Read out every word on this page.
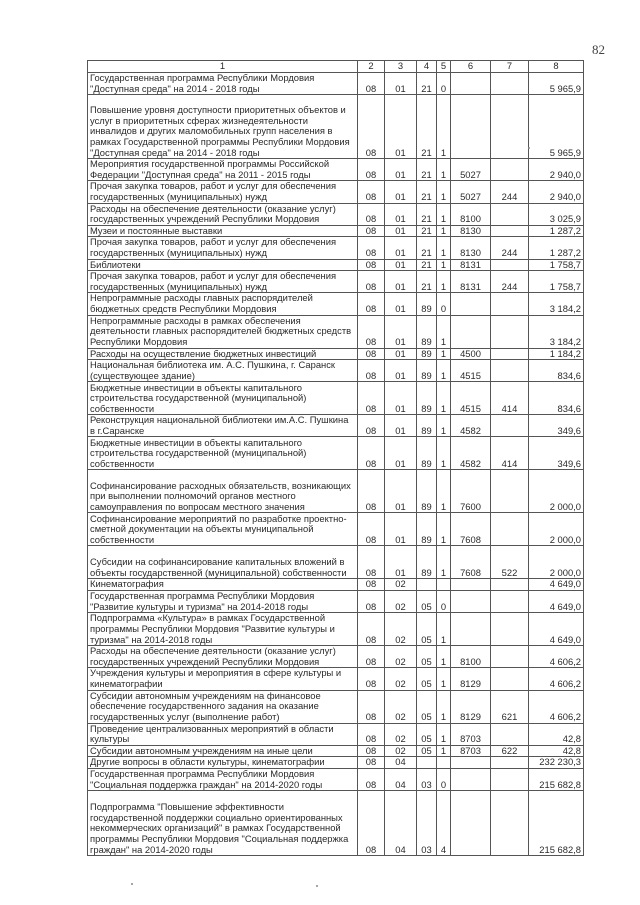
82
1	2	3	4	5	6	7	8
Государственная программа Республики Мордовия "Доступная среда" на 2014 - 2018 годы	08	01	21	0			5 965,9
Повышение уровня доступности приоритетных объектов и услуг в приоритетных сферах жизнедеятельности инвалидов и других маломобильных групп населения в рамках Государственной программы Республики Мордовия "Доступная среда" на 2014 - 2018 годы	08	01	21	1			5 965,9
Мероприятия государственной программы Российской Федерации "Доступная среда" на 2011 - 2015 годы	08	01	21	1	5027		2 940,0
Прочая закупка товаров, работ и услуг для обеспечения государственных (муниципальных) нужд	08	01	21	1	5027	244	2 940,0
Расходы на обеспечение деятельности (оказание услуг) государственных учреждений Республики Мордовия	08	01	21	1	8100		3 025,9
Музеи и постоянные выставки	08	01	21	1	8130		1 287,2
Прочая закупка товаров, работ и услуг для обеспечения государственных (муниципальных) нужд	08	01	21	1	8130	244	1 287,2
Библиотеки	08	01	21	1	8131		1 758,7
Прочая закупка товаров, работ и услуг для обеспечения государственных (муниципальных) нужд	08	01	21	1	8131	244	1 758,7
Непрограммные расходы главных распорядителей бюджетных средств Республики Мордовия	08	01	89	0			3 184,2
Непрограммные расходы в рамках обеспечения деятельности главных распорядителей бюджетных средств Республики Мордовия	08	01	89	1			3 184,2
Расходы на осуществление бюджетных инвестиций	08	01	89	1	4500		1 184,2
Национальная библиотека им. А.С. Пушкина, г. Саранск (существующее здание)	08	01	89	1	4515		834,6
Бюджетные инвестиции в объекты капитального строительства государственной (муниципальной) собственности	08	01	89	1	4515	414	834,6
Реконструкция национальной библиотеки им.А.С. Пушкина в г.Саранске	08	01	89	1	4582		349,6
Бюджетные инвестиции в объекты капитального строительства государственной (муниципальной) собственности	08	01	89	1	4582	414	349,6
Софинансирование расходных обязательств, возникающих при выполнении полномочий органов местного самоуправления по вопросам местного значения	08	01	89	1	7600		2 000,0
Софинансирование мероприятий по разработке проектно-сметной документации на объекты муниципальной собственности	08	01	89	1	7608		2 000,0
Субсидии на софинансирование капитальных вложений в объекты государственной (муниципальной) собственности	08	01	89	1	7608	522	2 000,0
Кинематография	08	02					4 649,0
Государственная программа Республики Мордовия "Развитие культуры и туризма" на 2014-2018 годы	08	02	05	0			4 649,0
Подпрограмма «Культура» в рамках Государственной программы Республики Мордовия "Развитие культуры и туризма" на 2014-2018 годы	08	02	05	1			4 649,0
Расходы на обеспечение деятельности (оказание услуг) государственных учреждений Республики Мордовия	08	02	05	1	8100		4 606,2
Учреждения культуры и мероприятия в сфере культуры и кинематографии	08	02	05	1	8129		4 606,2
Субсидии автономным учреждениям на финансовое обеспечение государственного задания на оказание государственных услуг (выполнение работ)	08	02	05	1	8129	621	4 606,2
Проведение централизованных мероприятий в области культуры	08	02	05	1	8703		42,8
Субсидии автономным учреждениям на иные цели	08	02	05	1	8703	622	42,8
Другие вопросы в области культуры, кинематографии	08	04					232 230,3
Государственная программа Республики Мордовия "Социальная поддержка граждан" на 2014-2020 годы	08	04	03	0			215 682,8
Подпрограмма "Повышение эффективности государственной поддержки социально ориентированных некоммерческих организаций" в рамках Государственной программы Республики Мордовия "Социальная поддержка граждан" на 2014-2020 годы	08	04	03	4			215 682,8
